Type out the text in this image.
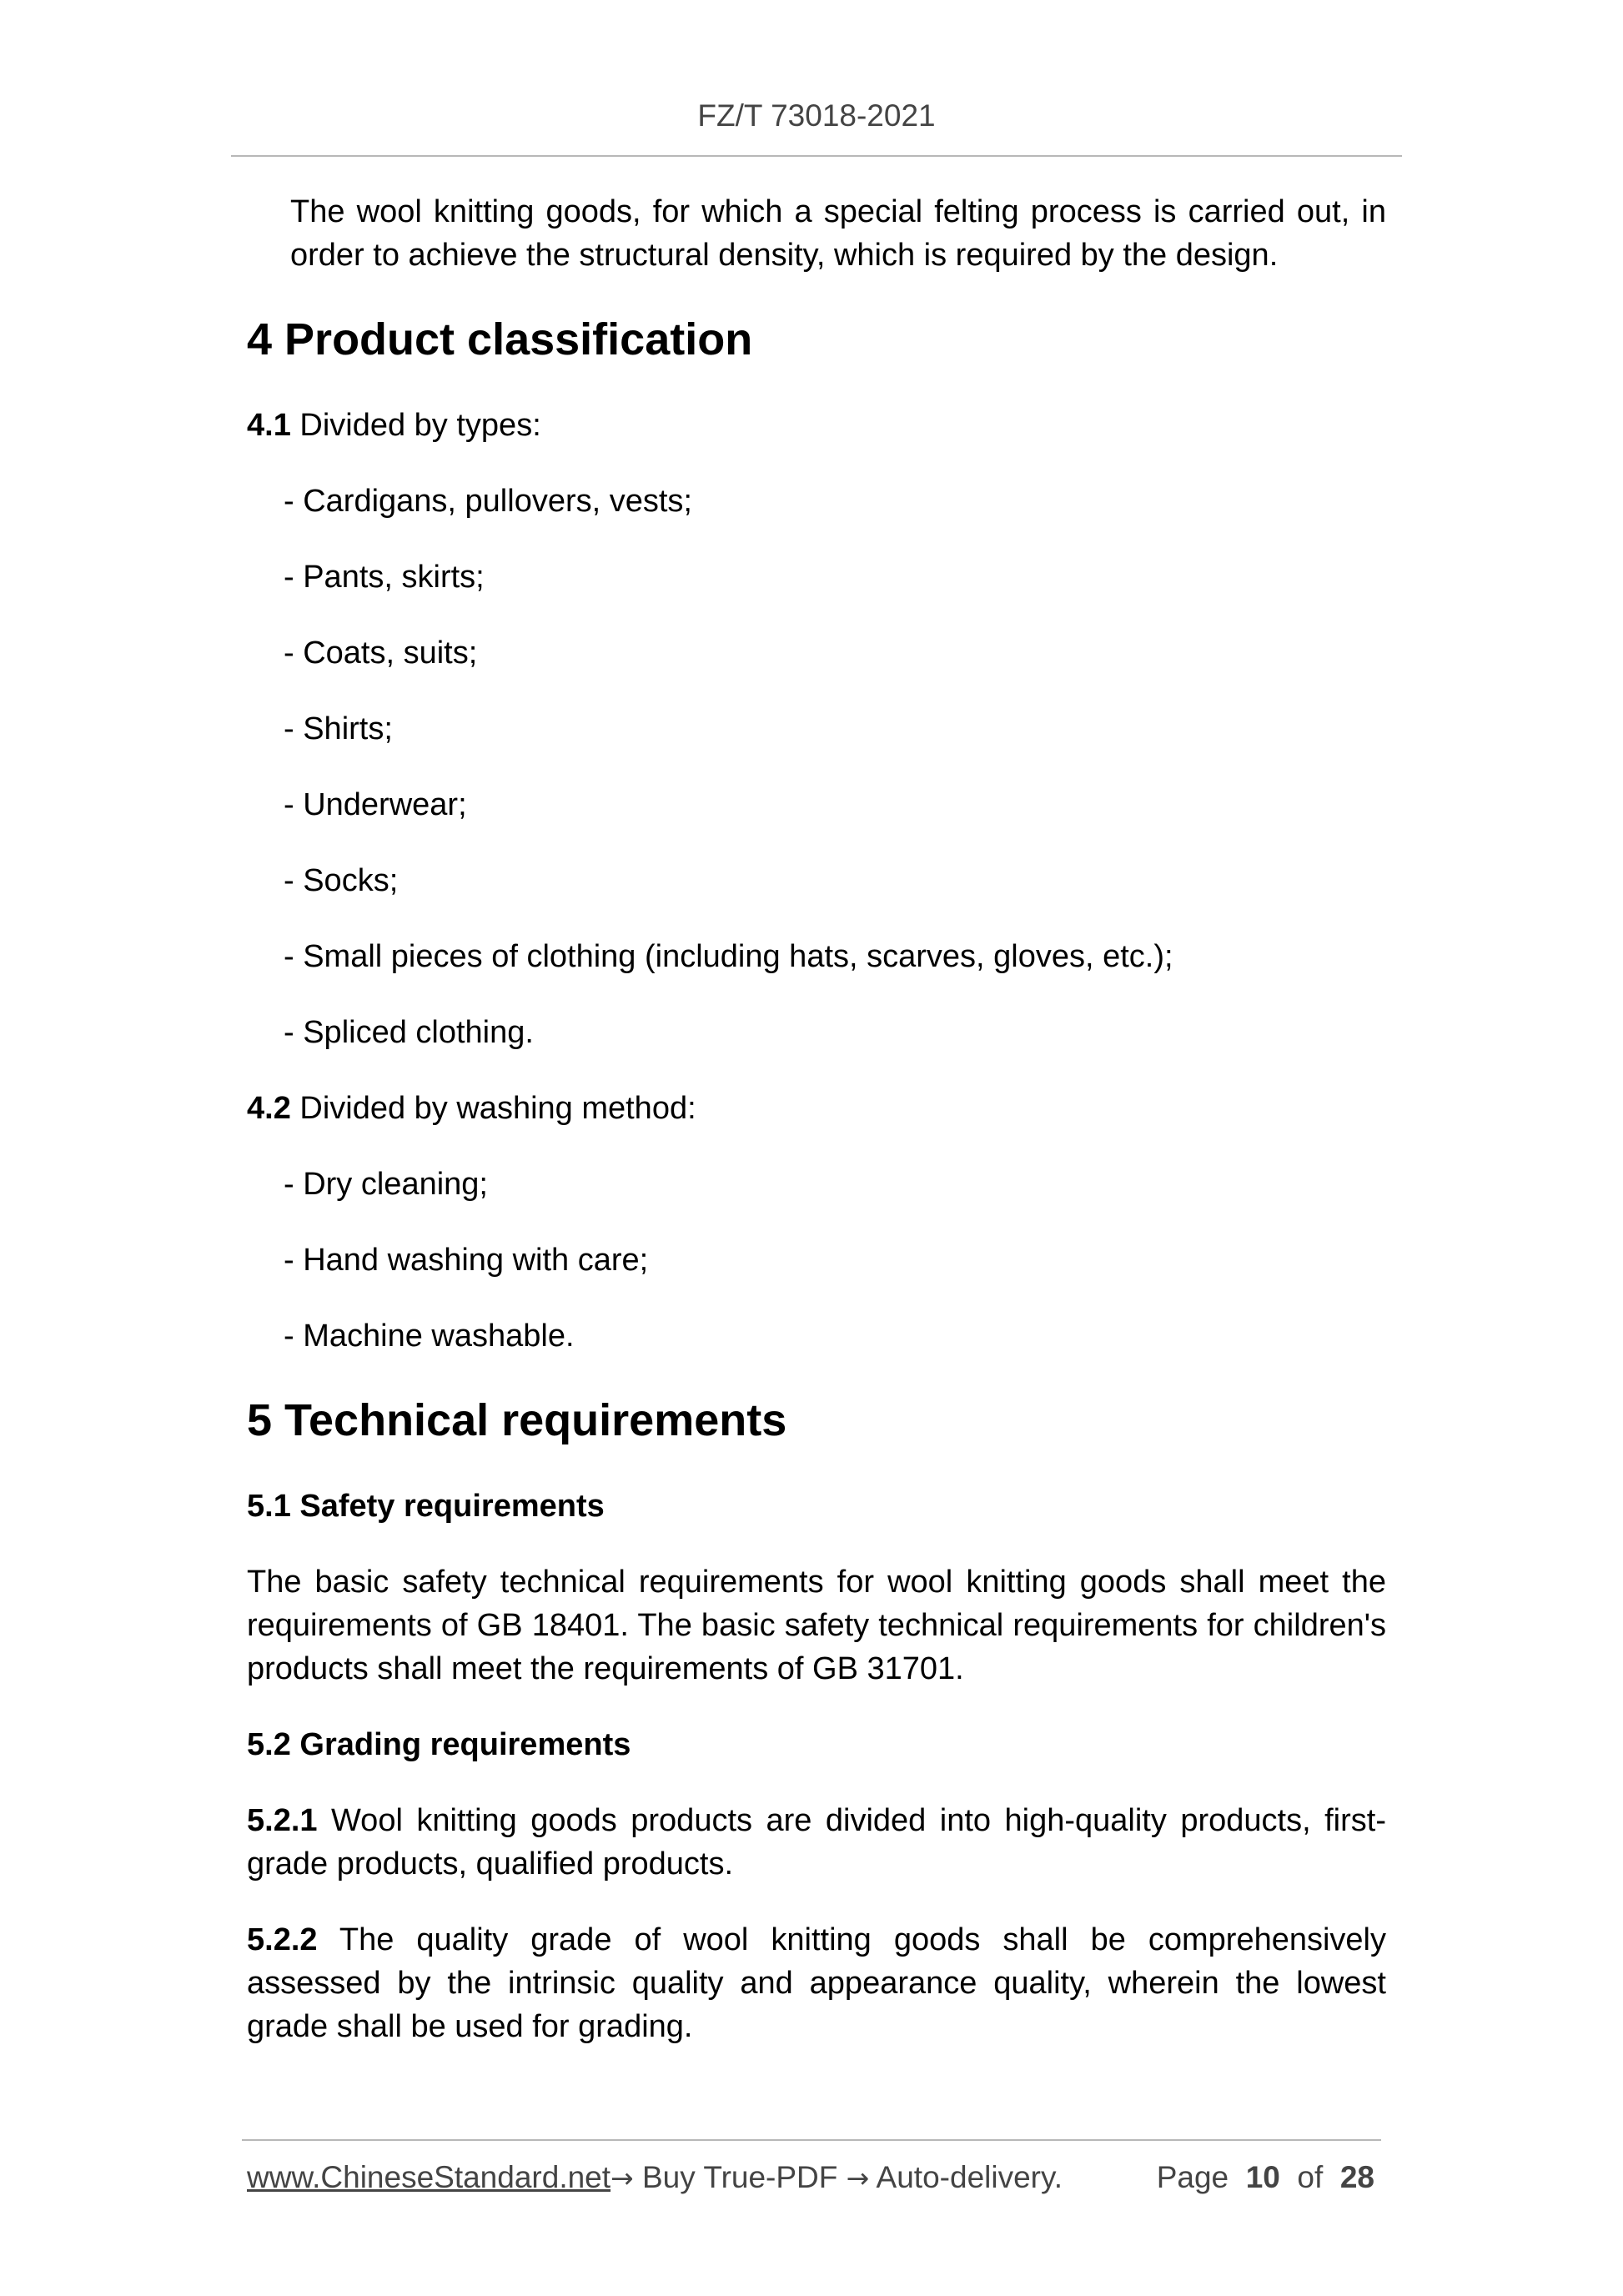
FZ/T 73018-2021

The wool knitting goods, for which a special felting process is carried out, in order to achieve the structural density, which is required by the design.

4 Product classification

4.1 Divided by types:

- Cardigans, pullovers, vests;

- Pants, skirts;

- Coats, suits;

- Shirts;

- Underwear;

- Socks;

- Small pieces of clothing (including hats, scarves, gloves, etc.);

- Spliced clothing.

4.2 Divided by washing method:

- Dry cleaning;

- Hand washing with care;

- Machine washable.

5 Technical requirements

5.1 Safety requirements

The basic safety technical requirements for wool knitting goods shall meet the requirements of GB 18401. The basic safety technical requirements for children's products shall meet the requirements of GB 31701.

5.2 Grading requirements

5.2.1 Wool knitting goods products are divided into high-quality products, first-grade products, qualified products.

5.2.2 The quality grade of wool knitting goods shall be comprehensively assessed by the intrinsic quality and appearance quality, wherein the lowest grade shall be used for grading.

www.ChineseStandard.net→ Buy True-PDF → Auto-delivery.	Page 10 of 28
